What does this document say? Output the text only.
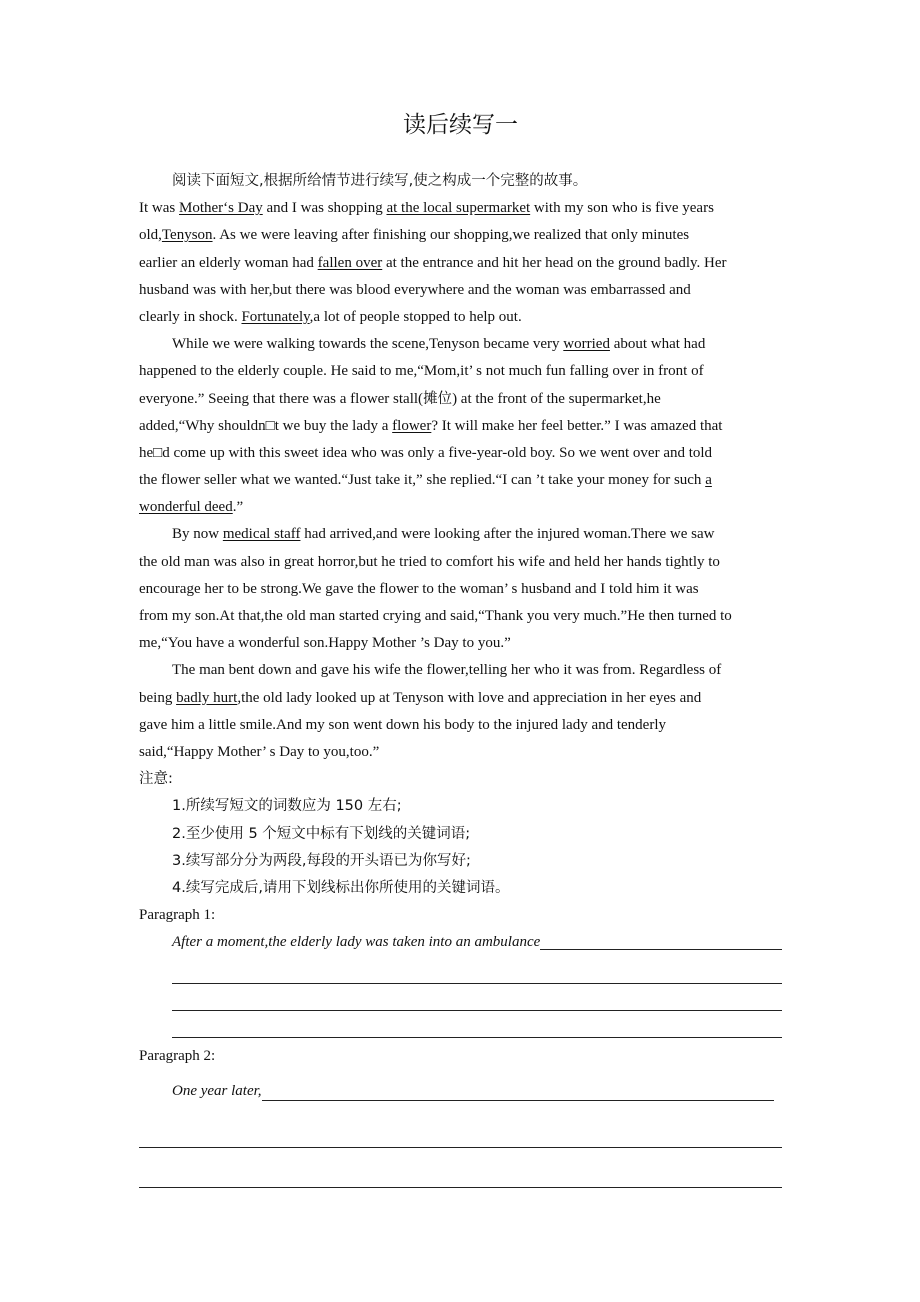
读后续写一
阅读下面短文,根据所给情节进行续写,使之构成一个完整的故事。
It was Mother‘s Day and I was shopping at the local supermarket with my son who is five years
old,Tenyson. As we were leaving after finishing our shopping,we realized that only minutes
earlier an elderly woman had fallen over at the entrance and hit her head on the ground badly. Her
husband was with her,but there was blood everywhere and the woman was embarrassed and
clearly in shock. Fortunately,a lot of people stopped to help out.
While we were walking towards the scene,Tenyson became very worried about what had
happened to the elderly couple. He said to me,“Mom,it’ s not much fun falling over in front of
everyone.” Seeing that there was a flower stall(摊位) at the front of the supermarket,he
added,“Why shouldn□t we buy the lady a flower? It will make her feel better.” I was amazed that
he□d come up with this sweet idea who was only a five-year-old boy. So we went over and told
the flower seller what we wanted.“Just take it,” she replied.“I can ’t take your money for such a
wonderful deed.”
By now medical staff had arrived,and were looking after the injured woman.There we saw
the old man was also in great horror,but he tried to comfort his wife and held her hands tightly to
encourage her to be strong.We gave the flower to the woman’ s husband and I told him it was
from my son.At that,the old man started crying and said,“Thank you very much.”He then turned to
me,“You have a wonderful son.Happy Mother ’s Day to you.”
The man bent down and gave his wife the flower,telling her who it was from. Regardless of
being badly hurt,the old lady looked up at Tenyson with love and appreciation in her eyes and
gave him a little smile.And my son went down his body to the injured lady and tenderly
said,“Happy Mother’ s Day to you,too.”
注意:
1.所续写短文的词数应为 150 左右;
2.至少使用 5 个短文中标有下划线的关键词语;
3.续写部分分为两段,每段的开头语已为你写好;
4.续写完成后,请用下划线标出你所使用的关键词语。
Paragraph 1:
After a moment,the elderly lady was taken into an ambulance
Paragraph 2:
One year later,
